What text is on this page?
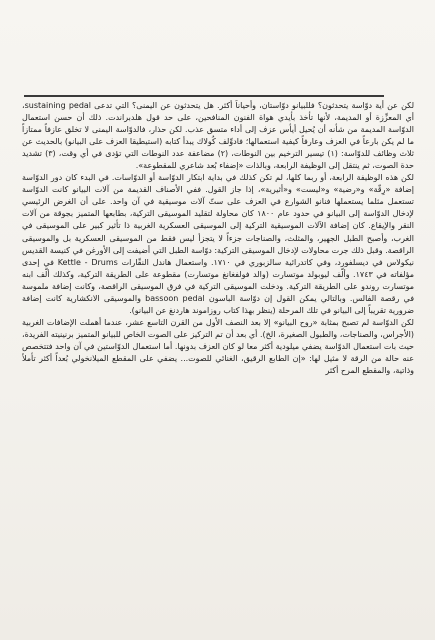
لكن عن أية دوّاسة يتحدثون؟ فللبيانو دوّاستان، وأحياناً أكثر. هل يتحدثون عن اليمنى؟ التي تدعى sustaining pedal، أي المعزِّزة أو المديمة، لأنها تأخذ بأيدي هواة الفنون المنافحين، على حد قول هلدبراندت. ذلك أن حسن استعمال الدوّاسة المديمة من شأنه أن يُحيل أيأس عزف إلى أداء متسق عذب. لكن حذار، فالدوّاسة اليمنى لا تخلق عازفاً ممتازاً ما لم يكن بارعاً في العزف وعارفاً كيفية استعمالها؛ فادوِّلف كُولاك يبدأ كتابه (استيطيقا العزف على البيانو) بالحديث عن ثلاث وظائف للدوّاسة: (١) تيسير الترخيم بين النوطات، (٢) مضاعفة عدد النوطات التي تؤدى في أي وقت، (٣) تشديد حدة الصوت، ثم ينتقل إلى الوظيفة الرابعة، وبالذات «إضفاء بُعد شاعري للمقطوعة».

لكن هذه الوظيفة الرابعة، أو ربما كلها، لم تكن كذلك في بداية ابتكار الدوّاسة أو الدوّاسات. في البدء كان دور الدوّاسة إضافة «رِقّة» و«رضية» و«ليست» و«أثيرية»، إذا جاز القول. ففي الأصناف القديمة من آلات البيانو كانت الدوّاسة تستعمل مثلما يستعملها فنانو الشوارع في العزف على ستّ آلات موسيقية في آن واحد. على أن الغرض الرئيسي لإدخال الدوّاسة إلى البيانو في حدود عام ١٨٠٠ كان محاولة لتقليد الموسيقى التركية، بطابعها المتميز بجوقة من آلات النقر والإيقاع. كان إضافة الآلات الموسيقية التركية إلى الموسيقى العسكرية الغربية ذا تأثير كبير على الموسيقى في الغرب، وأصبح الطبل الجهير، والمثلث، والصناجات جزءاً لا يتجزأ ليس فقط من الموسيقى العسكرية بل والموسيقى الراقصة. وقبل ذلك جرت محاولات لإدخال الموسيقى التركية: دوّاسة الطبل التي أضيفت إلى الأورغن في كنيسة القديس نيكولاس في ديسلفورد، وفي كاتدرائية سالزبوري في ١٧١٠. واستعمال هاندل النقّارات Kettle - Drums في إحدى مؤلفاته في ١٧٤٣. وألّف ليوبولد موتسارت (والد فولفغانغ موتسارت) مقطوعة على الطريقة التركية، وكذلك ألّف ابنه موتسارت روندو على الطريقة التركية. ودخلت الموسيقى التركية في فرق الموسيقى الراقصة، وكانت إضافة ملموسة في رقصة الفالس. وبالتالي يمكن القول إن دوّاسة الباسون bassoon pedal والموسيقى الانكشارية كانت إضافة ضرورية تقريباً إلى البيانو في تلك المرحلة (ينظر بهذا كتاب روزاموند هاردنغ عن البيانو).

لكن الدوّاسة لم تصبح بمثابة «روح البيانو» إلا بعد النصف الأول من القرن التاسع عشر، عندما أهملت الإضافات الغربية (الأجراس، والصناجات، والطبول الصغيرة، الخ). أي بعد أن تم التركيز على الصوت الخاص للبيانو المتميز برنينيته الفريدة، حيث بات استعمال الدوّاسة يضفي ميلودية أكثر معا لو كان العزف بدونها. أما استعمال الدوّاستين في آن واحد فتتخصص عنه حالة من الرقة لا مثيل لها: «إن الطابع الرقيق، الغنائي للصوت... يضفي على المقطع الميلانخولي بُعداً أكثر تأملاً وذاتية، والمقطع المرح أكثر
